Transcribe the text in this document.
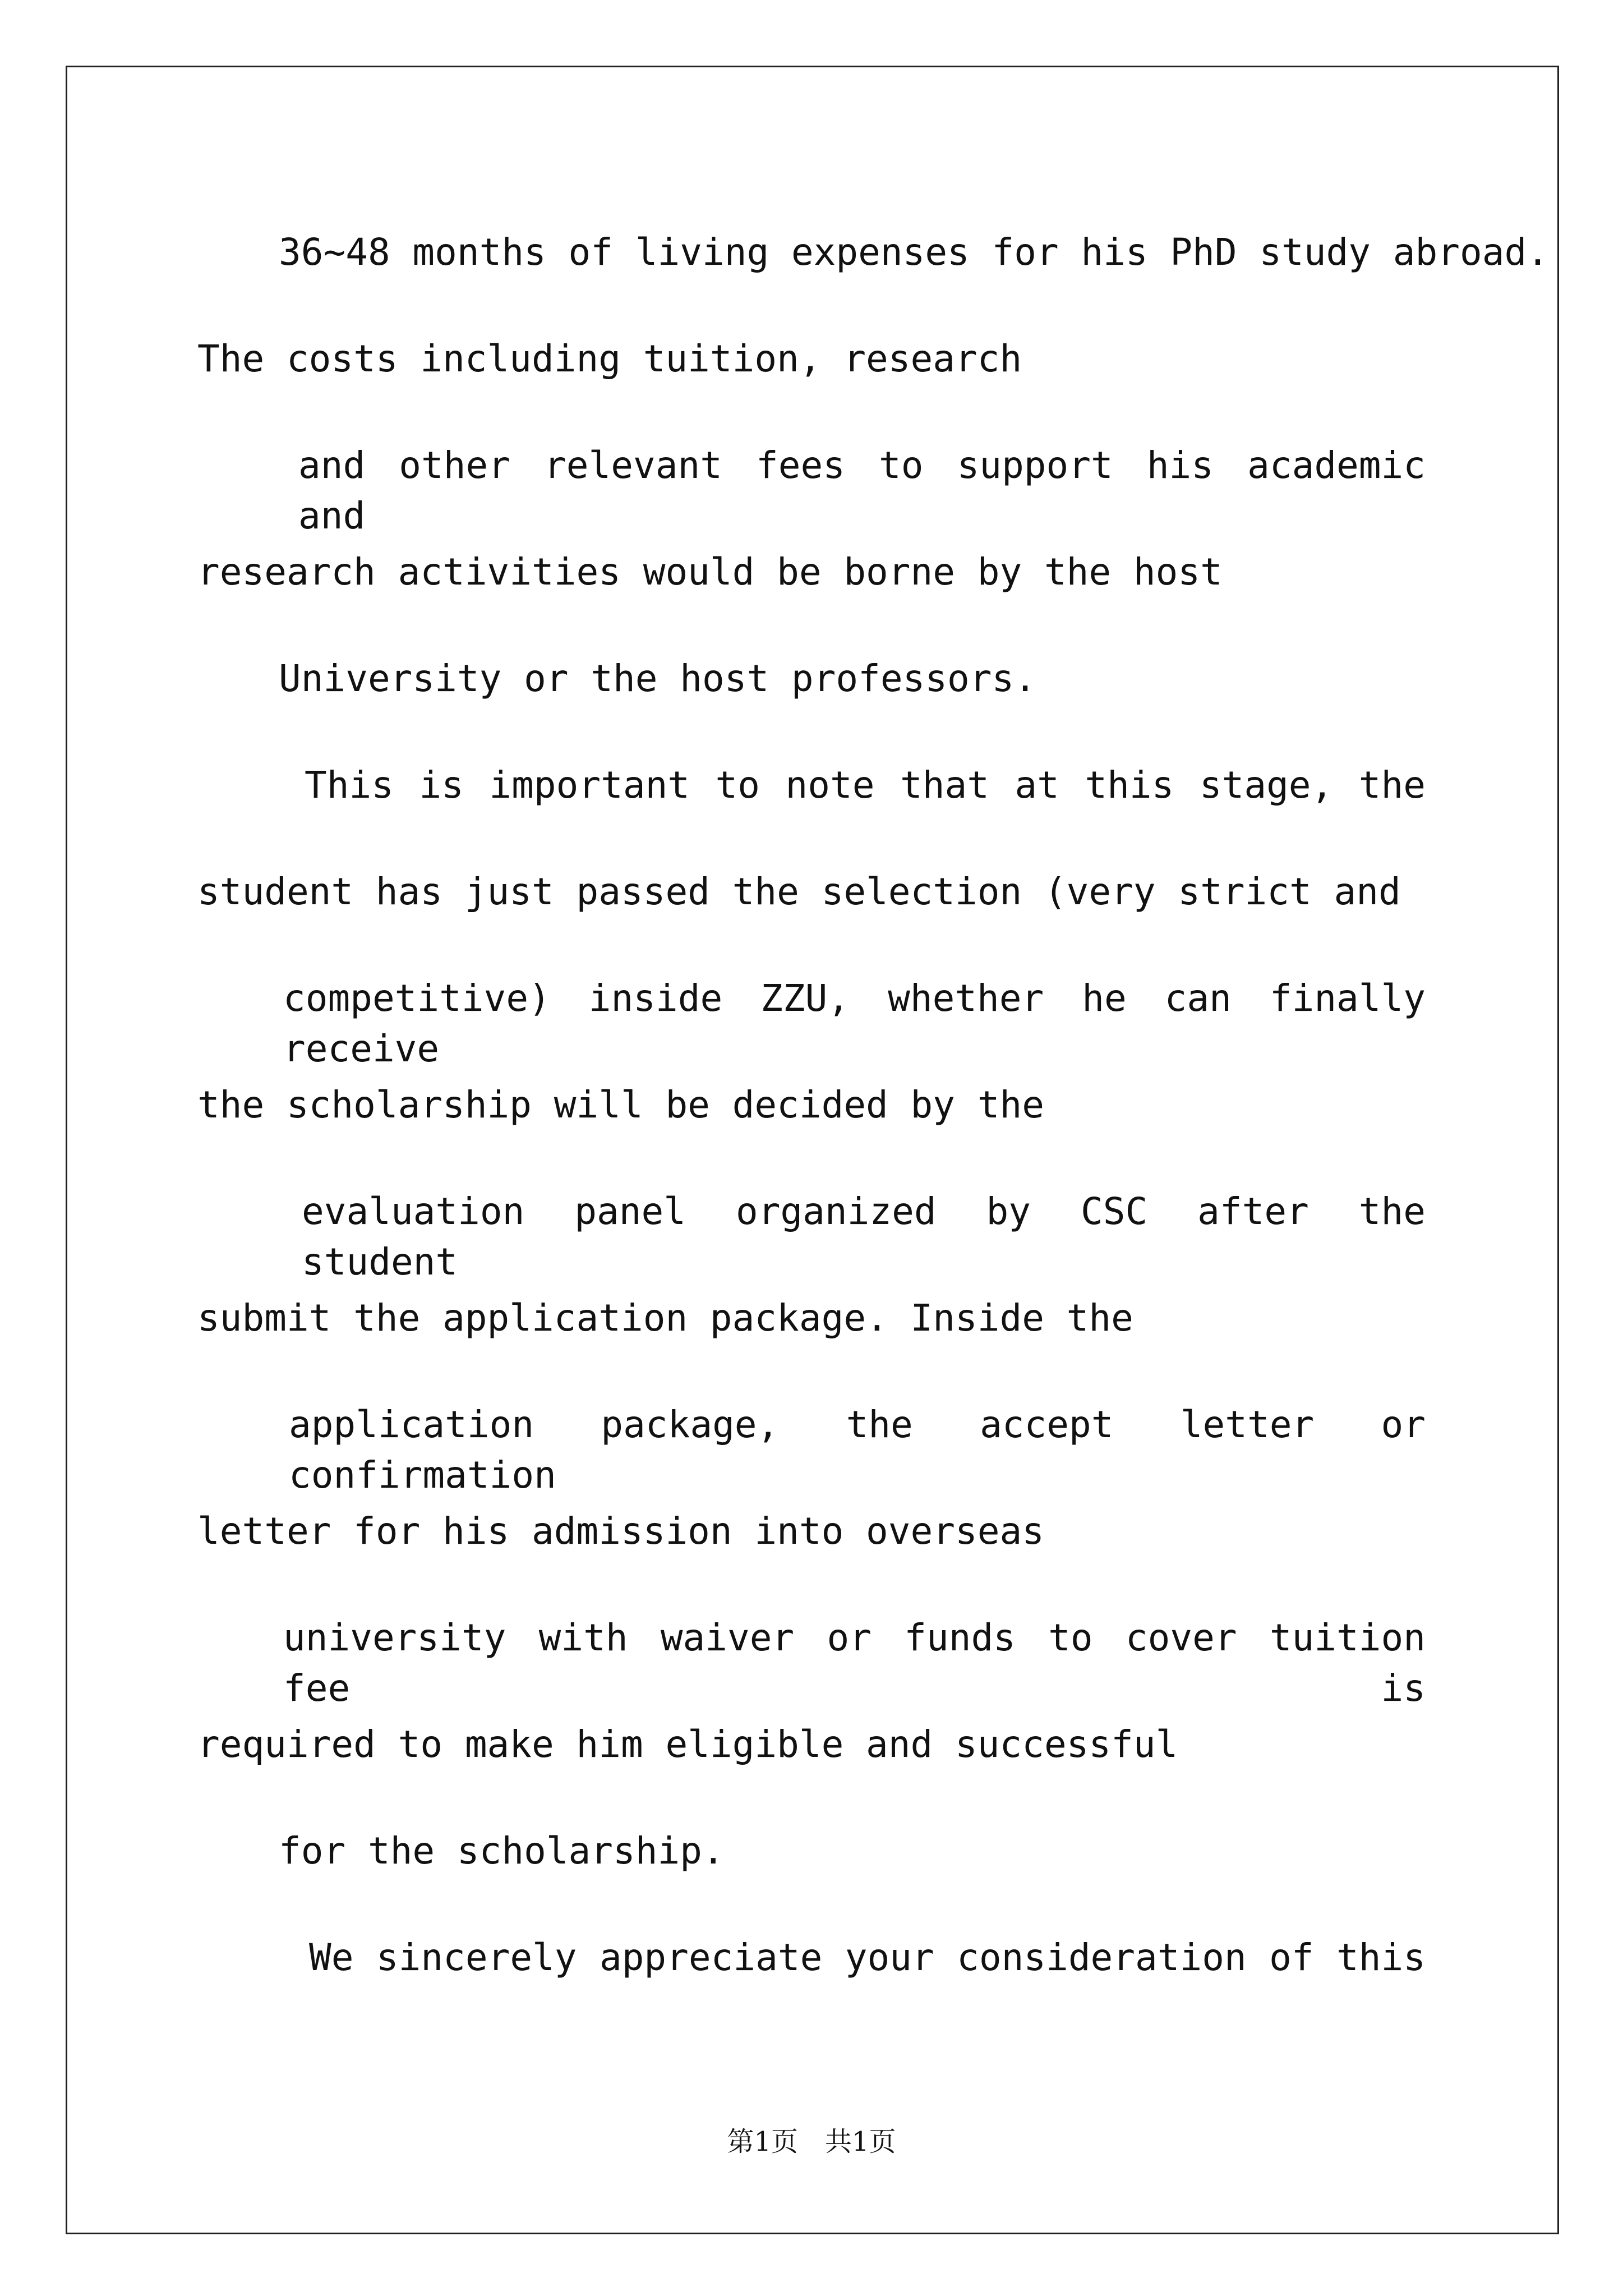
36~48 months of living expenses for his PhD study abroad.
The costs including tuition, research
and other relevant fees to support his academic and
research activities would be borne by the host
University or the host professors.
This is important to note that at this stage, the
student has just passed the selection (very strict and
competitive) inside ZZU, whether he can finally receive
the scholarship will be decided by the
evaluation panel organized by CSC after the student
submit the application package. Inside the
application package, the accept letter or confirmation
letter for his admission into overseas
university with waiver or funds to cover tuition fee is
required to make him eligible and successful
for the scholarship.
We sincerely appreciate your consideration of this
第1页　共1页
